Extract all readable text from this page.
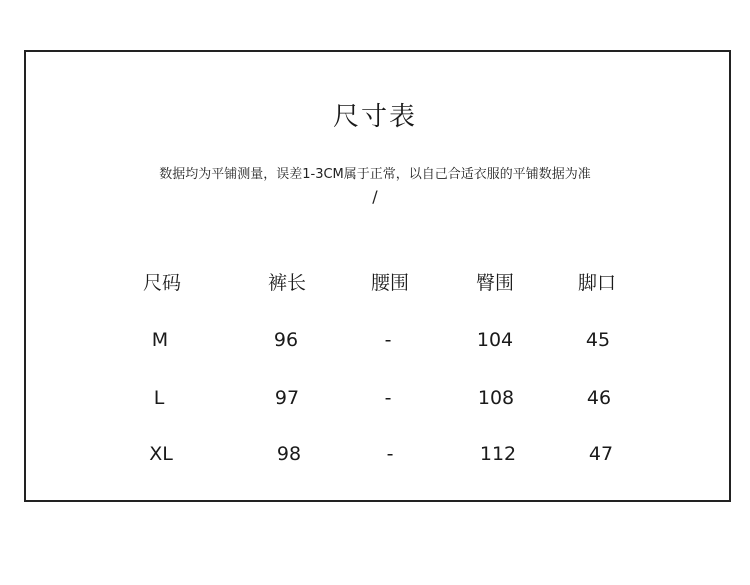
尺寸表
数据均为平铺测量，误差1-3CM属于正常，以自己合适衣服的平铺数据为准
/
尺码	裤长	腰围	臀围	脚口
M	96	-	104	45
L	97	-	108	46
XL	98	-	112	47
